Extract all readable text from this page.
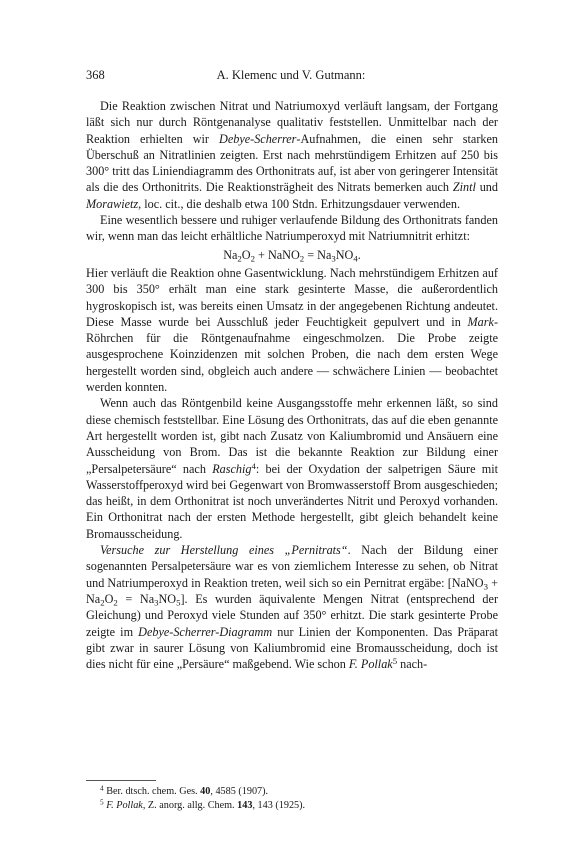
368	A. Klemenc und V. Gutmann:

Die Reaktion zwischen Nitrat und Natriumoxyd verläuft langsam, der Fortgang läßt sich nur durch Röntgenanalyse qualitativ feststellen. Unmittelbar nach der Reaktion erhielten wir Debye-Scherrer-Aufnahmen, die einen sehr starken Überschuß an Nitratlinien zeigten. Erst nach mehrstündigem Erhitzen auf 250 bis 300° tritt das Liniendiagramm des Orthonitrats auf, ist aber von geringerer Intensität als die des Orthonitrits. Die Reaktionsträgheit des Nitrats bemerken auch Zintl und Morawietz, loc. cit., die deshalb etwa 100 Stdn. Erhitzungsdauer verwenden.

Eine wesentlich bessere und ruhiger verlaufende Bildung des Orthonitrats fanden wir, wenn man das leicht erhältliche Natriumperoxyd mit Natriumnitrit erhitzt:

$Na_2O_2$ + NaNO$_2$ = $Na_3NO_4$.

Hier verläuft die Reaktion ohne Gasentwicklung. Nach mehrstündigem Erhitzen auf 300 bis 350° erhält man eine stark gesinterte Masse, die außerordentlich hygroskopisch ist, was bereits einen Umsatz in der angegebenen Richtung andeutet. Diese Masse wurde bei Ausschluß jeder Feuchtigkeit gepulvert und in Mark-Röhrchen für die Röntgenaufnahme eingeschmolzen. Die Probe zeigte ausgesprochene Koinzidenzen mit solchen Proben, die nach dem ersten Wege hergestellt worden sind, obgleich auch andere — schwächere Linien — beobachtet werden konnten.

Wenn auch das Röntgenbild keine Ausgangsstoffe mehr erkennen läßt, so sind diese chemisch feststellbar. Eine Lösung des Orthonitrats, das auf die eben genannte Art hergestellt worden ist, gibt nach Zusatz von Kaliumbromid und Ansäuern eine Ausscheidung von Brom. Das ist die bekannte Reaktion zur Bildung einer „Persalpetersäure“ nach Raschig$^4$: bei der Oxydation der salpetrigen Säure mit Wasserstoffperoxyd wird bei Gegenwart von Bromwasserstoff Brom ausgeschieden; das heißt, in dem Orthonitrat ist noch unverändertes Nitrit und Peroxyd vorhanden. Ein Orthonitrat nach der ersten Methode hergestellt, gibt gleich behandelt keine Bromausscheidung.

Versuche zur Herstellung eines „Pernitrats“. Nach der Bildung einer sogenannten Persalpetersäure war es von ziemlichem Interesse zu sehen, ob Nitrat und Natriumperoxyd in Reaktion treten, weil sich so ein Pernitrat ergäbe: [NaNO$_3$ + $Na_2O_2 = Na_3NO_5$]. Es wurden äquivalente Mengen Nitrat (entsprechend der Gleichung) und Peroxyd viele Stunden auf 350° erhitzt. Die stark gesinterte Probe zeigte im Debye-Scherrer-Diagramm nur Linien der Komponenten. Das Präparat gibt zwar in saurer Lösung von Kaliumbromid eine Bromausscheidung, doch ist dies nicht für eine „Persäure“ maßgebend. Wie schon F. Pollak$^5$ nach-

$^4$ Ber. dtsch. chem. Ges. 40, 4585 (1907).
$^5$ F. Pollak, Z. anorg. allg. Chem. 143, 143 (1925).
